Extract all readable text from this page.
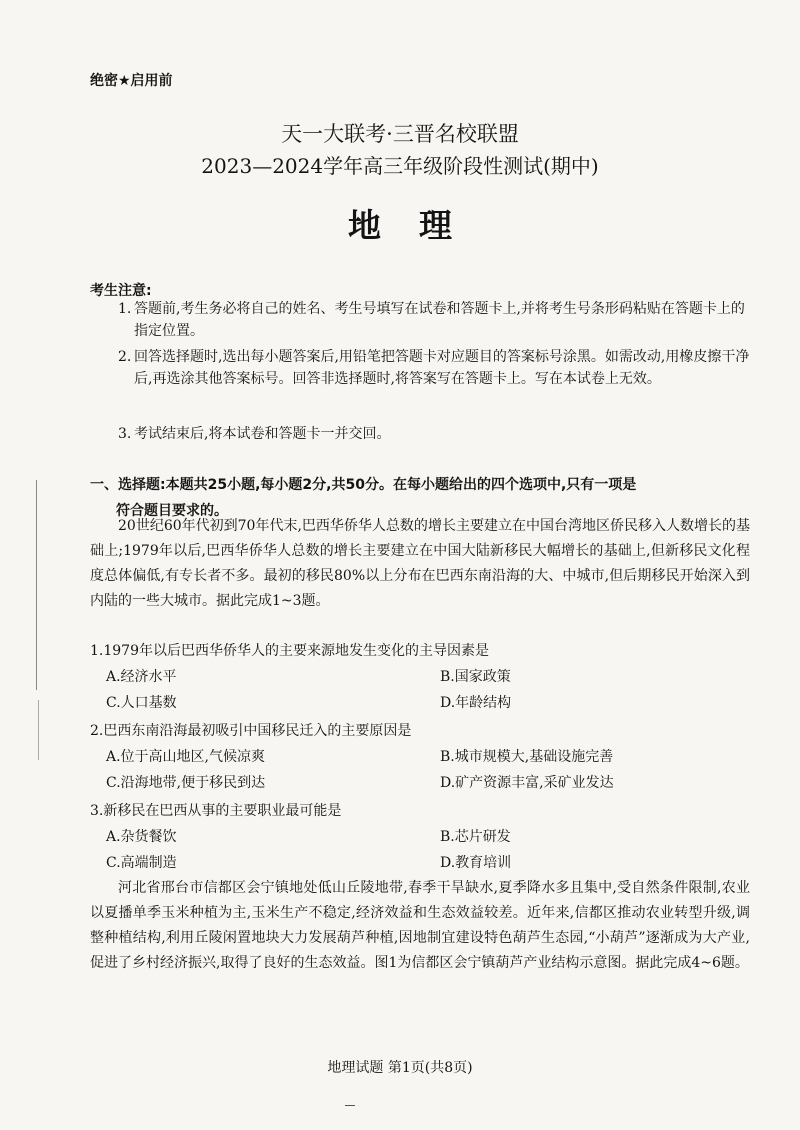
绝密★启用前
天一大联考·三晋名校联盟
2023—2024学年高三年级阶段性测试(期中)
地理
考生注意:
1. 答题前,考生务必将自己的姓名、考生号填写在试卷和答题卡上,并将考生号条形码粘贴在答题卡上的指定位置。
2. 回答选择题时,选出每小题答案后,用铅笔把答题卡对应题目的答案标号涂黑。如需改动,用橡皮擦干净后,再选涂其他答案标号。回答非选择题时,将答案写在答题卡上。写在本试卷上无效。
3. 考试结束后,将本试卷和答题卡一并交回。
一、选择题:本题共25小题,每小题2分,共50分。在每小题给出的四个选项中,只有一项是
符合题目要求的。
20世纪60年代初到70年代末,巴西华侨华人总数的增长主要建立在中国台湾地区侨民移入人数增长的基础上;1979年以后,巴西华侨华人总数的增长主要建立在中国大陆新移民大幅增长的基础上,但新移民文化程度总体偏低,有专长者不多。最初的移民80%以上分布在巴西东南沿海的大、中城市,但后期移民开始深入到内陆的一些大城市。据此完成1~3题。
1.1979年以后巴西华侨华人的主要来源地发生变化的主导因素是
A.经济水平	B.国家政策
C.人口基数	D.年龄结构
2.巴西东南沿海最初吸引中国移民迁入的主要原因是
A.位于高山地区,气候凉爽	B.城市规模大,基础设施完善
C.沿海地带,便于移民到达	D.矿产资源丰富,采矿业发达
3.新移民在巴西从事的主要职业最可能是
A.杂货餐饮	B.芯片研发
C.高端制造	D.教育培训
河北省邢台市信都区会宁镇地处低山丘陵地带,春季干旱缺水,夏季降水多且集中,受自然条件限制,农业以夏播单季玉米种植为主,玉米生产不稳定,经济效益和生态效益较差。近年来,信都区推动农业转型升级,调整种植结构,利用丘陵闲置地块大力发展葫芦种植,因地制宜建设特色葫芦生态园,“小葫芦”逐渐成为大产业,促进了乡村经济振兴,取得了良好的生态效益。图1为信都区会宁镇葫芦产业结构示意图。据此完成4~6题。
地理试题 第1页(共8页)
